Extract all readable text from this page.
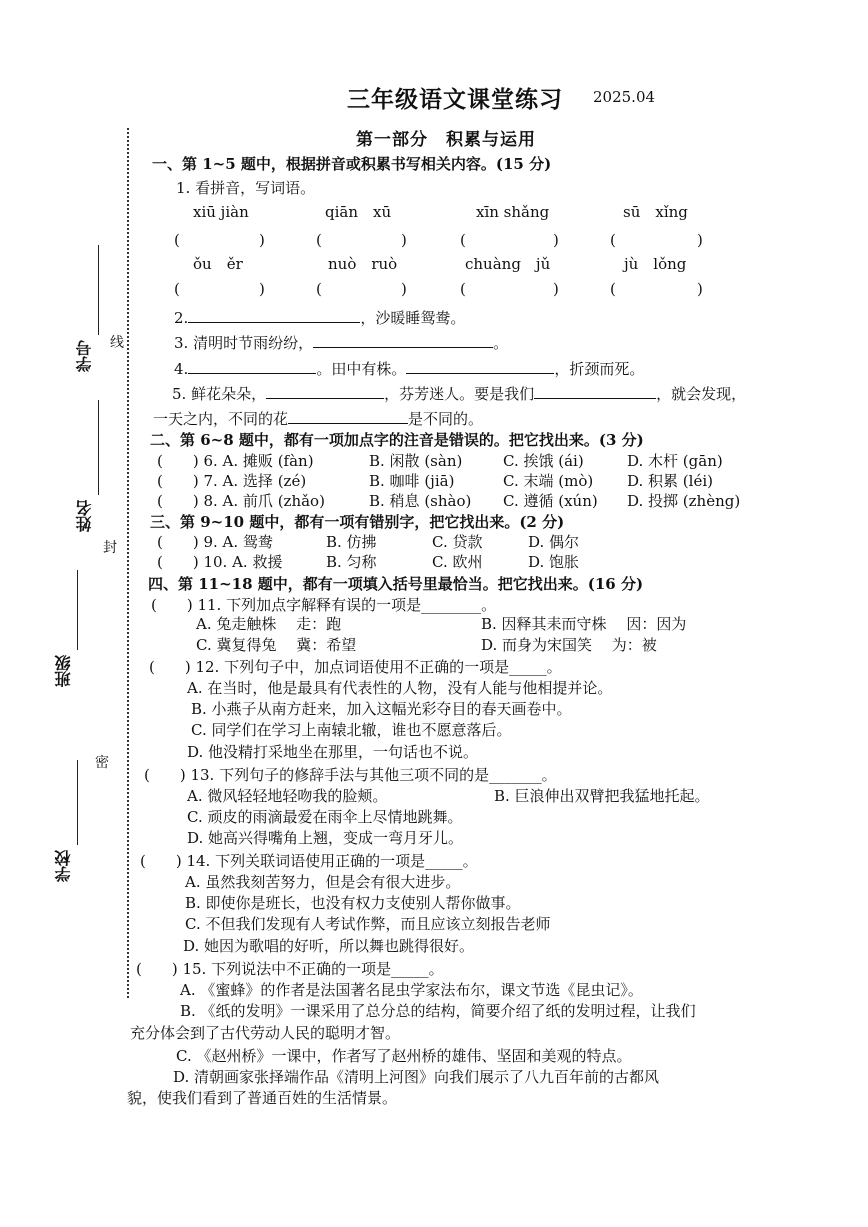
三年级语文课堂练习 2025.04
第一部分　积累与运用
学号
姓名
班级
学校
线
封
密
一、第 1~5 题中，根据拼音或积累书写相关内容。(15 分)
1. 看拼音，写词语。
xiū jiàn	qiān　xū	xīn shǎng	sū　xǐng
(	)	(	)	(	)	(	)
ǒu　ěr	nuò　ruò	chuàng　jǔ	jù　lǒng
(	)	(	)	(	)	(	)
2.	，沙暖睡鸳鸯。
3. 清明时节雨纷纷，	。
4.	。田中有株。	，折颈而死。
5. 鲜花朵朵，	，芬芳迷人。要是我们	，就会发现，
一天之内，不同的花	是不同的。
二、第 6~8 题中，都有一项加点字的注音是错误的。把它找出来。(3 分)
(　　) 6. A. 摊贩 (fàn)	B. 闲散 (sàn)	C. 挨饿 (ái)	D. 木杆 (gān)
(　　) 7. A. 选择 (zé)	B. 咖啡 (jiā)	C. 末端 (mò) D. 积累 (léi)
(　　) 8. A. 前爪 (zhǎo)	B. 稍息 (shào) C. 遵循 (xún) D. 投掷 (zhèng)
三、第 9~10 题中，都有一项有错别字，把它找出来。(2 分)
(　　) 9. A. 鸳鸯	B. 仿拂	C. 贷款	D. 偶尔
(　　) 10. A. 救援	B. 匀称	C. 欧州	D. 饱胀
四、第 11~18 题中，都有一项填入括号里最恰当。把它找出来。(16 分)
(　　) 11. 下列加点字解释有误的一项是________。
A. 兔走触株　 走：跑	B. 因释其耒而守株　 因：因为
C. 冀复得兔　 冀：希望	D. 而身为宋国笑　 为：被
(　　) 12. 下列句子中，加点词语使用不正确的一项是_____。
A. 在当时，他是最具有代表性的人物，没有人能与他相提并论。
B. 小燕子从南方赶来，加入这幅光彩夺目的春天画卷中。
C. 同学们在学习上南辕北辙，谁也不愿意落后。
D. 他没精打采地坐在那里，一句话也不说。
(　　) 13. 下列句子的修辞手法与其他三项不同的是_______。
A. 微风轻轻地轻吻我的脸颊。	B. 巨浪伸出双臂把我猛地托起。
C. 顽皮的雨滴最爱在雨伞上尽情地跳舞。
D. 她高兴得嘴角上翘，变成一弯月牙儿。
(　　) 14. 下列关联词语使用正确的一项是_____。
A. 虽然我刻苦努力，但是会有很大进步。
B. 即使你是班长，也没有权力支使别人帮你做事。
C. 不但我们发现有人考试作弊，而且应该立刻报告老师
D. 她因为歌唱的好听，所以舞也跳得很好。
(　　) 15. 下列说法中不正确的一项是_____。
A. 《蜜蜂》的作者是法国著名昆虫学家法布尔，课文节选《昆虫记》。
B. 《纸的发明》一课采用了总分总的结构，简要介绍了纸的发明过程，让我们
充分体会到了古代劳动人民的聪明才智。
C. 《赵州桥》一课中，作者写了赵州桥的雄伟、坚固和美观的特点。
D. 清朝画家张择端作品《清明上河图》向我们展示了八九百年前的古都风
貌，使我们看到了普通百姓的生活情景。
